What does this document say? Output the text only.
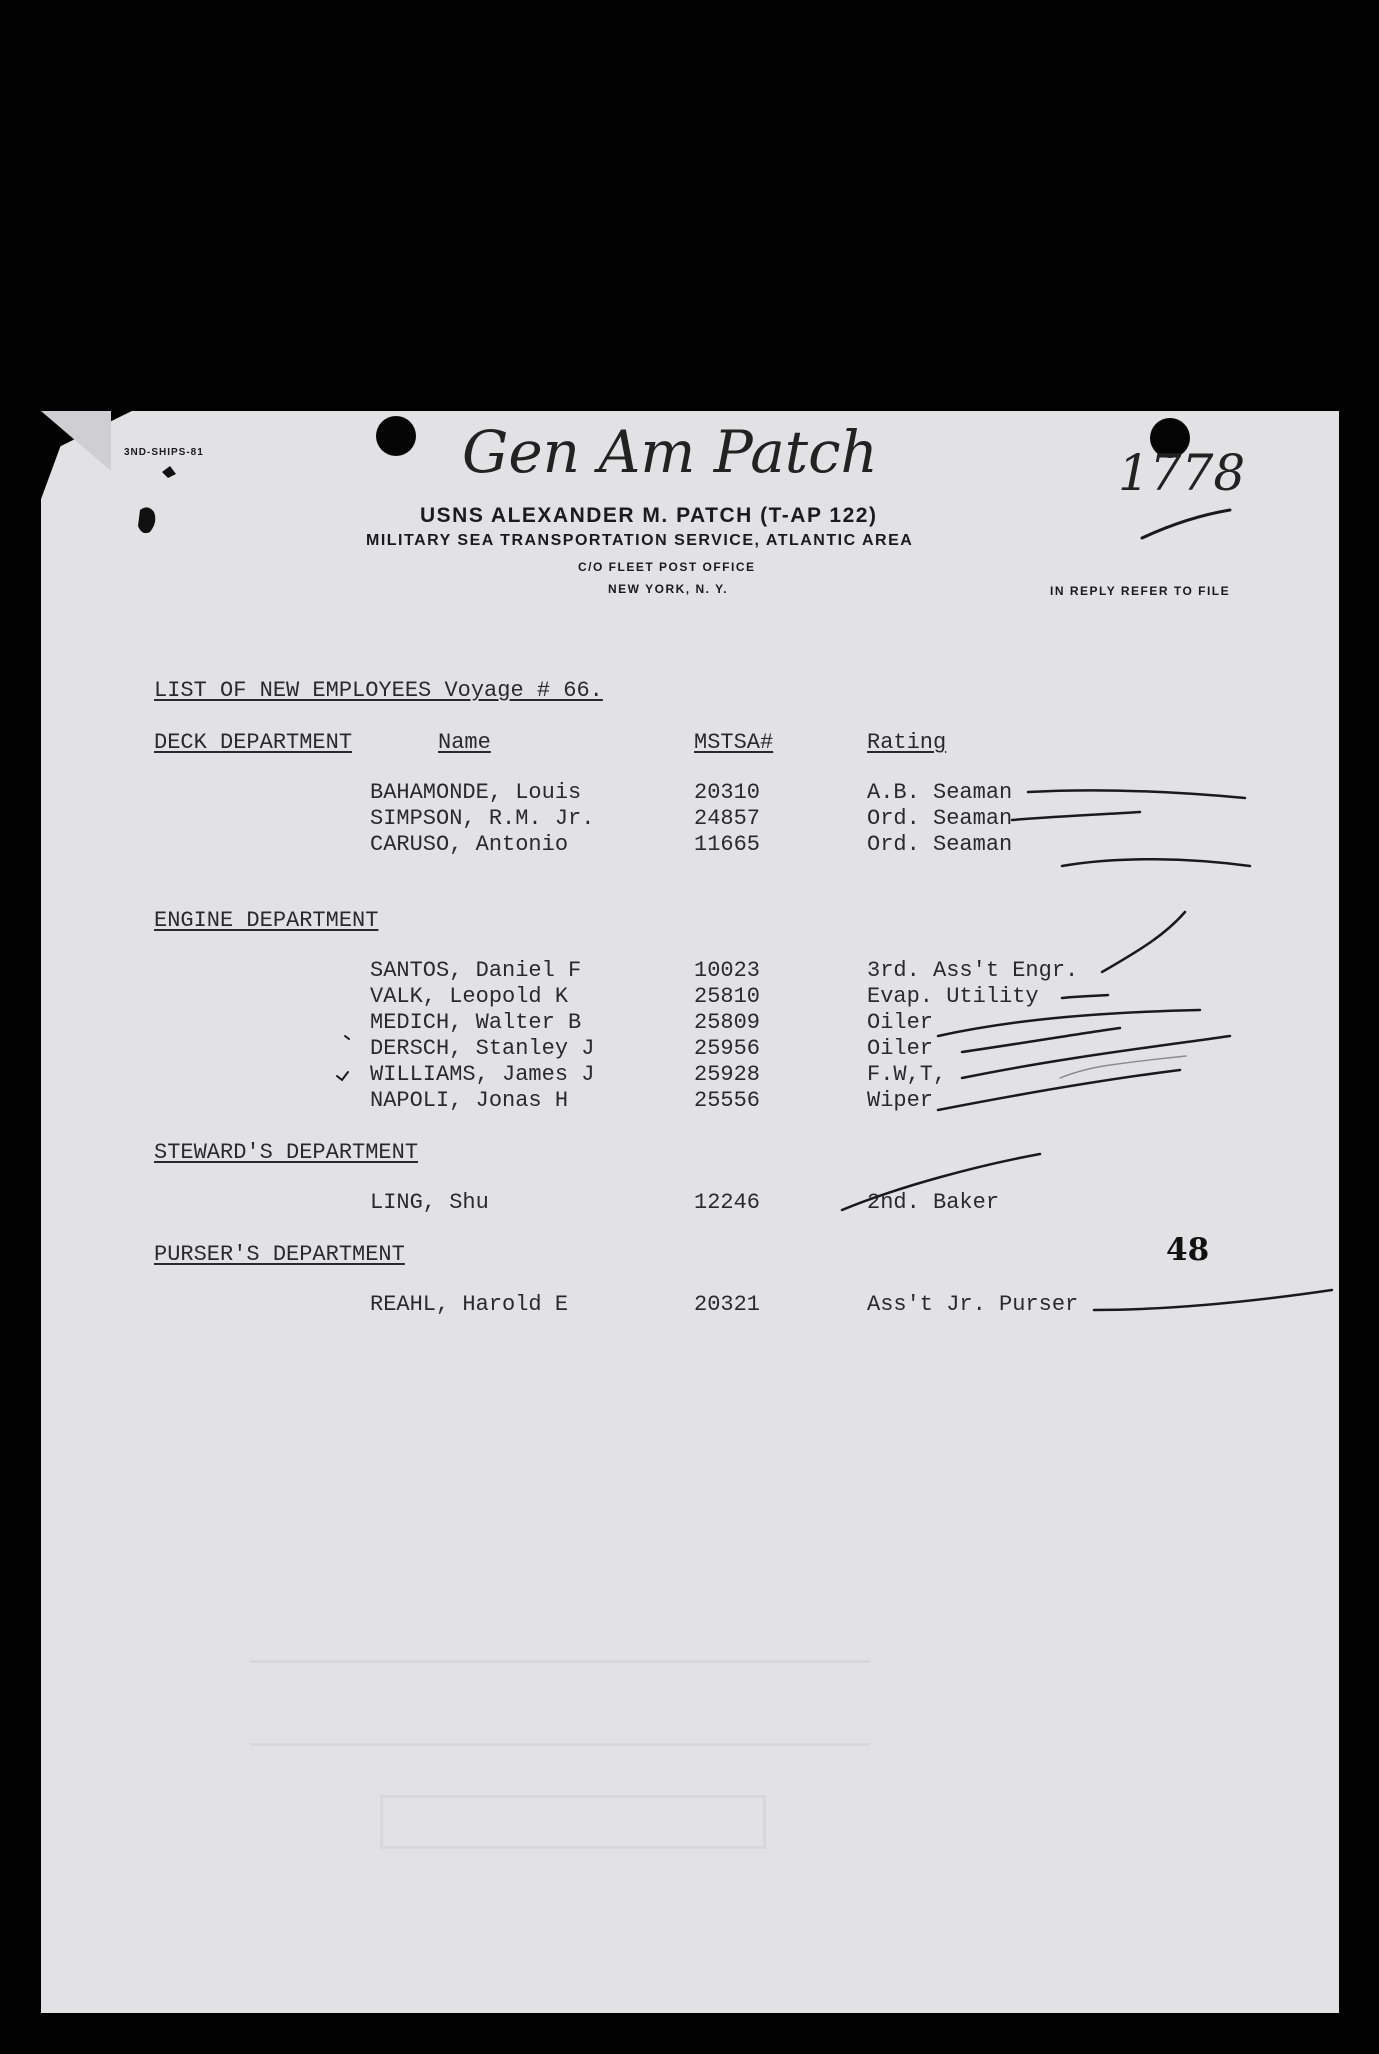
3ND-SHIPS-81	Gen Am Patch	1778
USNS ALEXANDER M. PATCH (T-AP 122)
MILITARY SEA TRANSPORTATION SERVICE, ATLANTIC AREA
C/O FLEET POST OFFICE
NEW YORK, N. Y.	IN REPLY REFER TO FILE
LIST OF NEW EMPLOYEES Voyage # 66.
DECK DEPARTMENT	Name	MSTSA#	Rating
BAHAMONDE, Louis	20310	A.B. Seaman
SIMPSON, R.M. Jr.	24857	Ord. Seaman
CARUSO, Antonio	11665	Ord. Seaman
ENGINE DEPARTMENT
SANTOS, Daniel F	10023	3rd. Ass't Engr.
VALK, Leopold K	25810	Evap. Utility
MEDICH, Walter B	25809	Oiler
DERSCH, Stanley J	25956	Oiler
WILLIAMS, James J	25928	F.W,T,
NAPOLI, Jonas H	25556	Wiper
STEWARD'S DEPARTMENT
LING, Shu	12246	2nd. Baker
PURSER'S DEPARTMENT	48
REAHL, Harold E	20321	Ass't Jr. Purser
